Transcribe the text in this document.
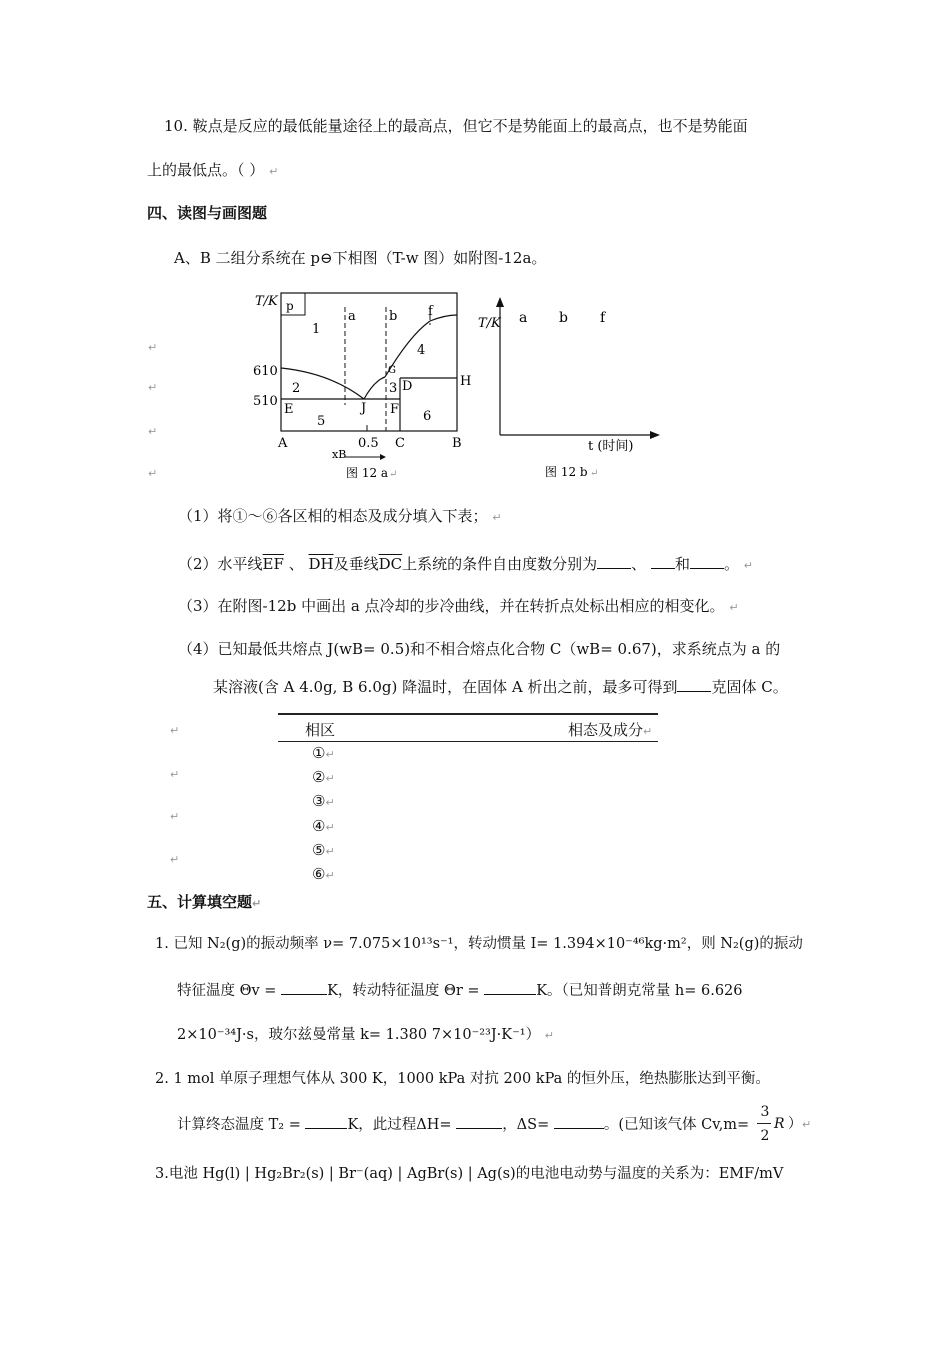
10. 鞍点是反应的最低能量途径上的最高点，但它不是势能面上的最高点，也不是势能面
上的最低点。（ ） ↵
四、读图与画图题
A、B 二组分系统在 p⊖下相图（T-w 图）如附图-12a。
p
T/K
610
510
a	b f
G
D	H
E	J F
1
2	3
4
5	6
A	0.5 C	B
xB
图 12 a ↵
T/K a b f
t (时间)
图 12 b ↵
↵
↵
↵
↵
（1）将①～⑥各区相的相态及成分填入下表； ↵
（2）水平线$\overline{EF}$ 、 $\overline{DH}$及垂线$\overline{DC}$上系统的条件自由度数分别为 、 和 。 ↵
（3）在附图-12b 中画出 a 点冷却的步冷曲线，并在转折点处标出相应的相变化。 ↵
（4）已知最低共熔点 J(wB= 0.5)和不相合熔点化合物 C（wB= 0.67)，求系统点为 a 的
某溶液(含 A 4.0g, B 6.0g) 降温时，在固体 A 析出之前，最多可得到 克固体 C。
相区	相态及成分↵
①↵
②↵
③↵
④↵
⑤↵
⑥↵
↵
↵
↵
↵
五、计算填空题↵
1. 已知 N₂(g)的振动频率 ν= 7.075×10¹³s⁻¹，转动惯量 I= 1.394×10⁻⁴⁶kg·m²，则 N₂(g)的振动
特征温度 Θv =	K，转动特征温度 Θr =	K。（已知普朗克常量 h= 6.626
2×10⁻³⁴J·s，玻尔兹曼常量 k= 1.380 7×10⁻²³J·K⁻¹） ↵
2. 1 mol 单原子理想气体从 300 K，1000 kPa 对抗 200 kPa 的恒外压，绝热膨胀达到平衡。
计算终态温度 T₂ =	K，此过程ΔH=	，ΔS=	。(已知该气体 Cv,m=
3
2
R ）↵
3.电池 Hg(l) | Hg₂Br₂(s) | Br⁻(aq) | AgBr(s) | Ag(s)的电池电动势与温度的关系为：EMF/mV
